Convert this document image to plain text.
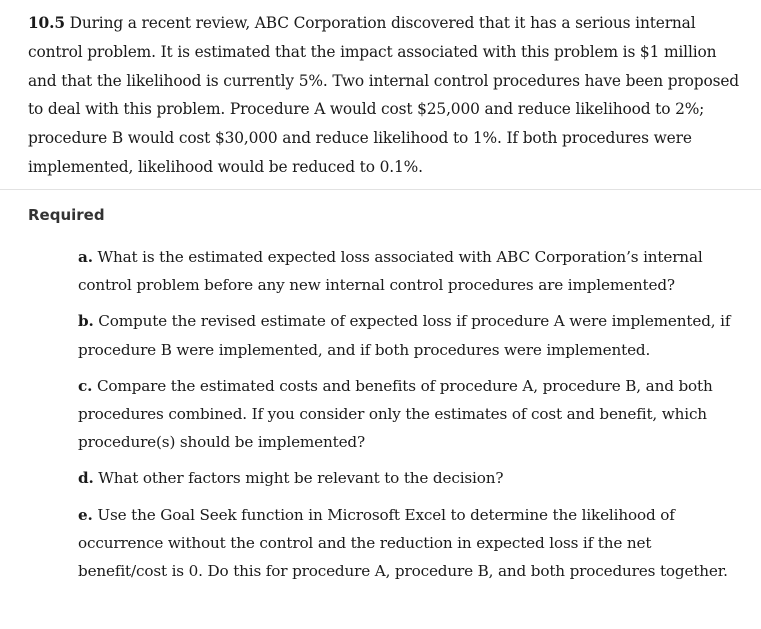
10.5 During a recent review, ABC Corporation discovered that it has a serious internal control problem. It is estimated that the impact associated with this problem is $1 million and that the likelihood is currently 5%. Two internal control procedures have been proposed to deal with this problem. Procedure A would cost $25,000 and reduce likelihood to 2%; procedure B would cost $30,000 and reduce likelihood to 1%. If both procedures were implemented, likelihood would be reduced to 0.1%.
Required
a. What is the estimated expected loss associated with ABC Corporation’s internal control problem before any new internal control procedures are implemented?
b. Compute the revised estimate of expected loss if procedure A were implemented, if procedure B were implemented, and if both procedures were implemented.
c. Compare the estimated costs and benefits of procedure A, procedure B, and both procedures combined. If you consider only the estimates of cost and benefit, which procedure(s) should be implemented?
d. What other factors might be relevant to the decision?
e. Use the Goal Seek function in Microsoft Excel to determine the likelihood of occurrence without the control and the reduction in expected loss if the net benefit/cost is 0. Do this for procedure A, procedure B, and both procedures together.
